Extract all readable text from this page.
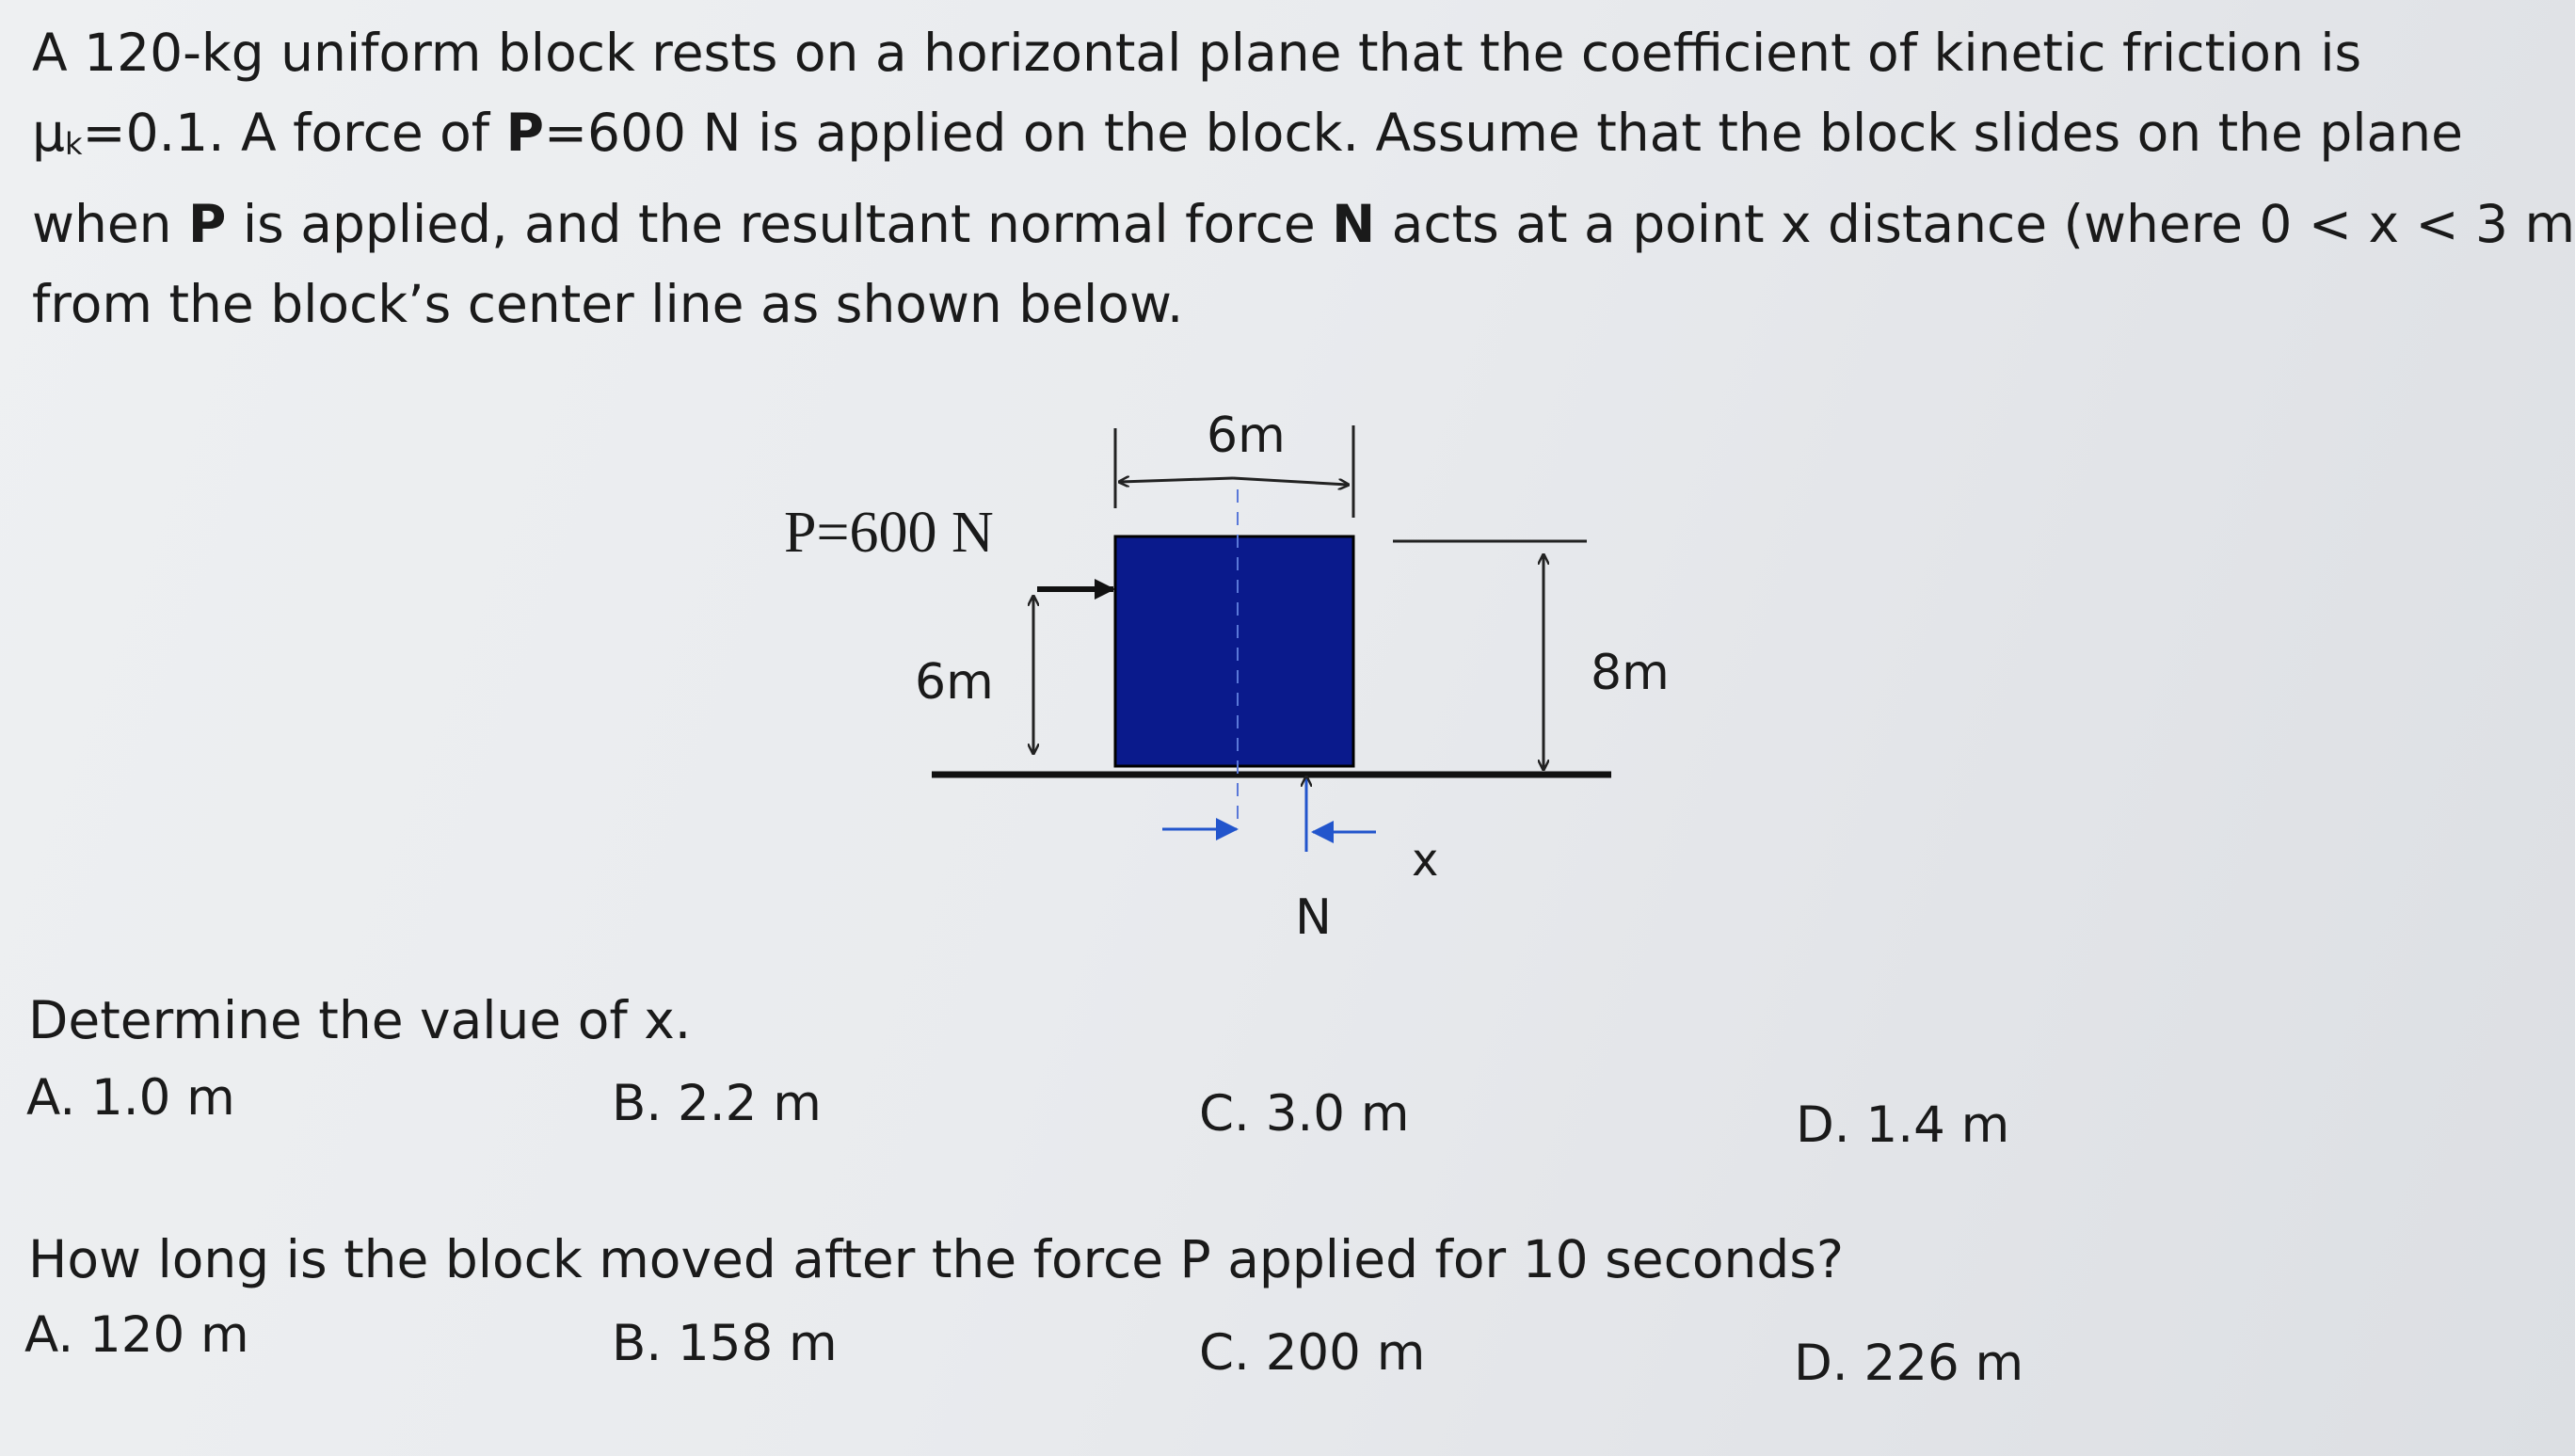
A 120-kg uniform block rests on a horizontal plane that the coefficient of kinetic friction is
$\mu_k=0.1$. A force of P=600 N is applied on the block. Assume that the block slides on the plane
when P is applied, and the resultant normal force N acts at a point x distance (where 0 < x < 3 m
from the block’s center line as shown below.
6m
P=600 N
6m	8m
x
N
Determine the value of x.
A. 1.0 m	B. 2.2 m	C. 3.0 m	D. 1.4 m
How long is the block moved after the force P applied for 10 seconds?
A. 120 m	B. 158 m	C. 200 m	D. 226 m
